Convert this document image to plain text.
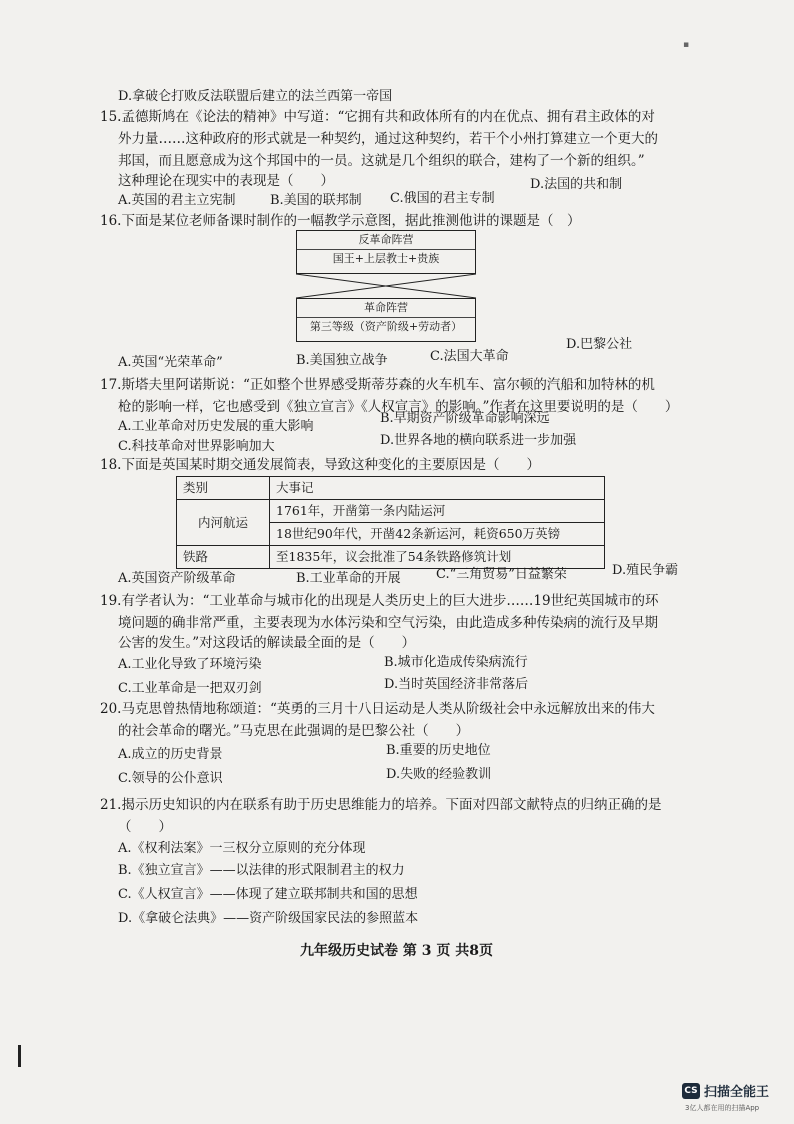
▪
D.拿破仑打败反法联盟后建立的法兰西第一帝国
15.孟德斯鸠在《论法的精神》中写道：“它拥有共和政体所有的内在优点、拥有君主政体的对
外力量……这种政府的形式就是一种契约，通过这种契约，若干个小州打算建立一个更大的
邦国，而且愿意成为这个邦国中的一员。这就是几个组织的联合，建构了一个新的组织。”
这种理论在现实中的表现是（　　）
A.英国的君主立宪制	B.美国的联邦制 C.俄国的君主专制
D.法国的共和制
16.下面是某位老师备课时制作的一幅教学示意图，据此推测他讲的课题是（　）
反革命阵营
国王+上层教士+贵族
革命阵营
第三等级（资产阶级+劳动者）
A.英国“光荣革命”	B.美国独立战争	C.法国大革命
D.巴黎公社
17.斯塔夫里阿诺斯说：“正如整个世界感受斯蒂芬森的火车机车、富尔顿的汽船和加特林的机
枪的影响一样，它也感受到《独立宣言》《人权宣言》的影响。”作者在这里要说明的是（　　）
A.工业革命对历史发展的重大影响
B.早期资产阶级革命影响深远
C.科技革命对世界影响加大	D.世界各地的横向联系进一步加强
18.下面是英国某时期交通发展简表，导致这种变化的主要原因是（　　）
类别	大事记
内河航运	1761年，开凿第一条内陆运河
	18世纪90年代，开凿42条新运河，耗资650万英镑
铁路	至1835年，议会批准了54条铁路修筑计划
A.英国资产阶级革命	B.工业革命的开展	C.“三角贸易”日益繁荣	D.殖民争霸
19.有学者认为：“工业革命与城市化的出现是人类历史上的巨大进步……19世纪英国城市的环
境问题的确非常严重，主要表现为水体污染和空气污染，由此造成多种传染病的流行及早期
公害的发生。”对这段话的解读最全面的是（　　）
A.工业化导致了环境污染	B.城市化造成传染病流行
C.工业革命是一把双刃剑	D.当时英国经济非常落后
20.马克思曾热情地称颂道：“英勇的三月十八日运动是人类从阶级社会中永远解放出来的伟大
的社会革命的曙光。”马克思在此强调的是巴黎公社（　　）
A.成立的历史背景	B.重要的历史地位
C.领导的公仆意识	D.失败的经验教训
21.揭示历史知识的内在联系有助于历史思维能力的培养。下面对四部文献特点的归纳正确的是
（　　）
A.《权利法案》一三权分立原则的充分体现
B.《独立宣言》——以法律的形式限制君主的权力
C.《人权宣言》——体现了建立联邦制共和国的思想
D.《拿破仑法典》——资产阶级国家民法的参照蓝本
九年级历史试卷 第 3 页 共8页
CS 扫描全能王
3亿人都在用的扫描App
